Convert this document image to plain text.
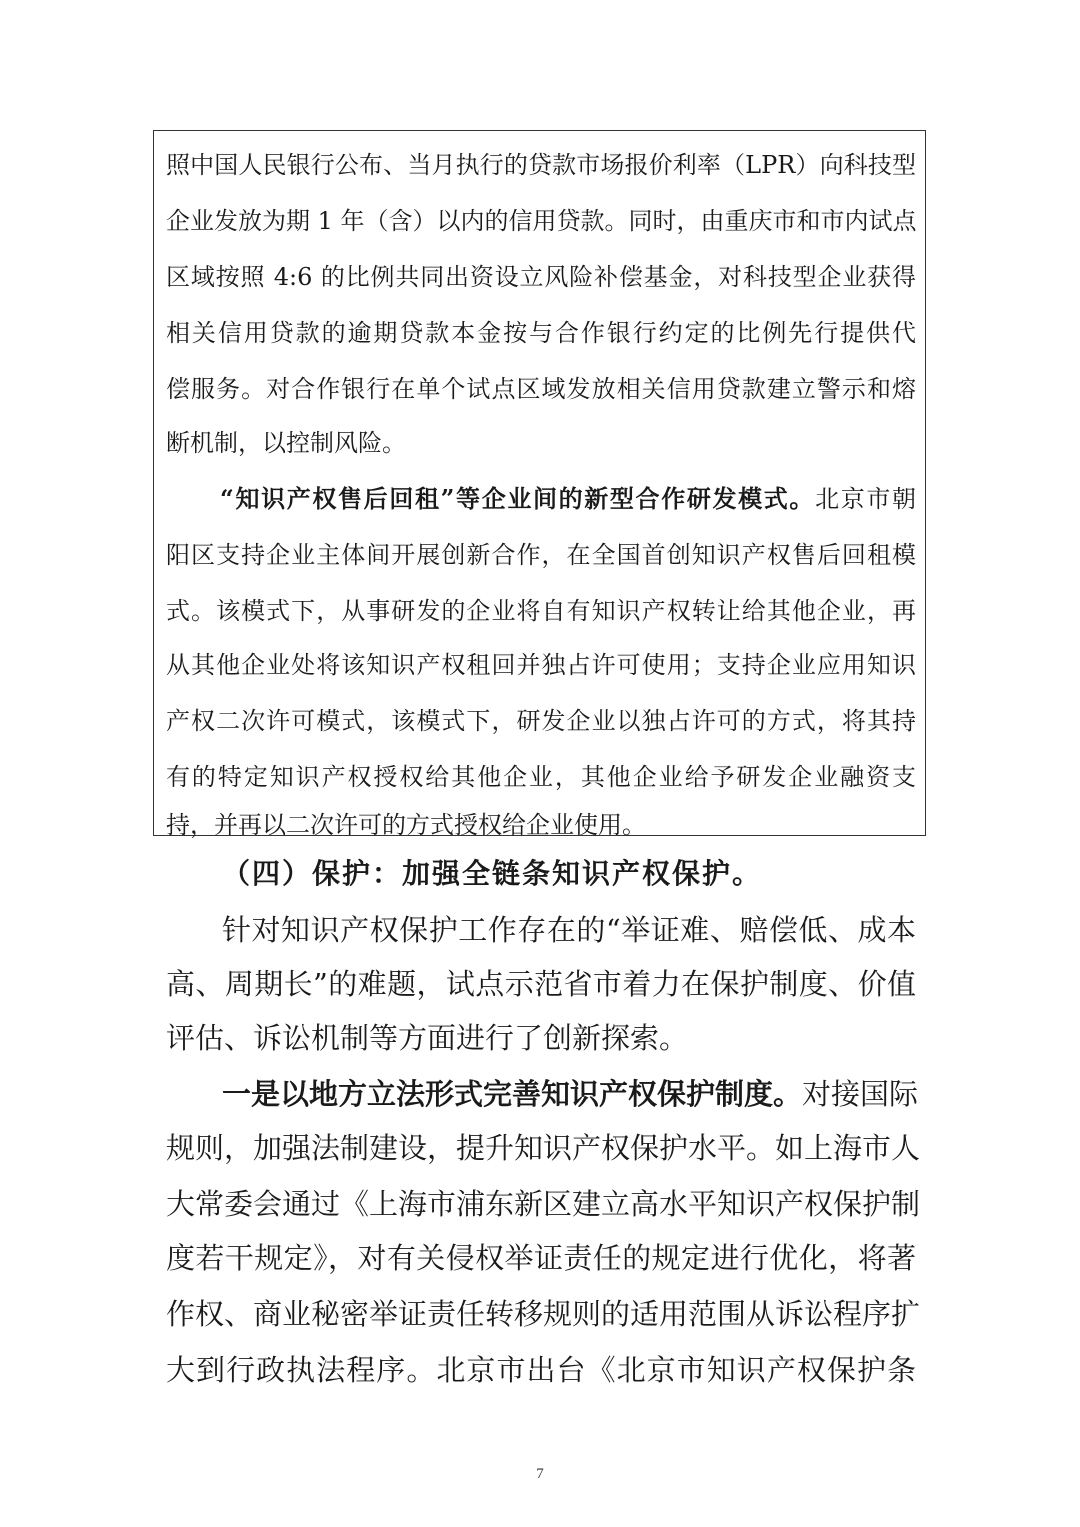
照中国人民银行公布、当月执行的贷款市场报价利率（LPR）向科技型
企业发放为期 1 年（含）以内的信用贷款。同时，由重庆市和市内试点
区域按照 4:6 的比例共同出资设立风险补偿基金，对科技型企业获得
相关信用贷款的逾期贷款本金按与合作银行约定的比例先行提供代
偿服务。对合作银行在单个试点区域发放相关信用贷款建立警示和熔
断机制，以控制风险。
“知识产权售后回租”等企业间的新型合作研发模式。北京市朝
阳区支持企业主体间开展创新合作，在全国首创知识产权售后回租模
式。该模式下，从事研发的企业将自有知识产权转让给其他企业，再
从其他企业处将该知识产权租回并独占许可使用；支持企业应用知识
产权二次许可模式，该模式下，研发企业以独占许可的方式，将其持
有的特定知识产权授权给其他企业，其他企业给予研发企业融资支
持，并再以二次许可的方式授权给企业使用。
（四）保护：加强全链条知识产权保护。
针对知识产权保护工作存在的“举证难、赔偿低、成本
高、周期长”的难题，试点示范省市着力在保护制度、价值
评估、诉讼机制等方面进行了创新探索。
一是以地方立法形式完善知识产权保护制度。对接国际
规则，加强法制建设，提升知识产权保护水平。如上海市人
大常委会通过《上海市浦东新区建立高水平知识产权保护制
度若干规定》，对有关侵权举证责任的规定进行优化，将著
作权、商业秘密举证责任转移规则的适用范围从诉讼程序扩
大到行政执法程序。北京市出台《北京市知识产权保护条
7
